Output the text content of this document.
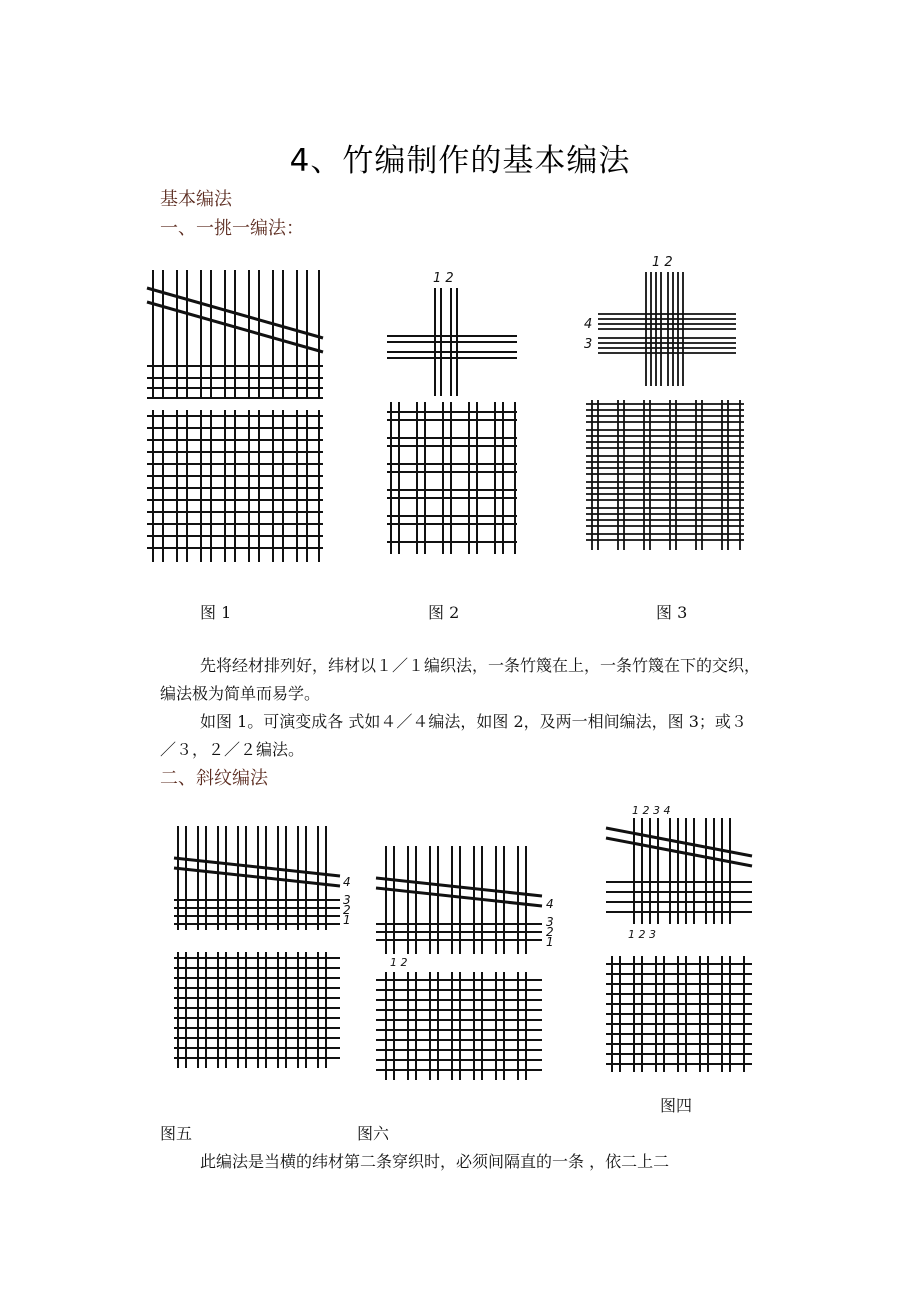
4、竹编制作的基本编法
基本编法
一、一挑一编法：
1 2
1 2
4
3
图 1	图 2	图 3

先将经材排列好，纬材以１／１编织法，一条竹篾在上，一条竹篾在下的交织，编法极为简单而易学。

如图 1。可演变成各 式如４／４编法，如图 2，及两一相间编法，图 3；或３／３，２／２编法。

二、斜纹编法
4
3
2
1
4
3
2
1
1 2
1 2 3 4
1 2 3
图四
图五	图六

此编法是当横的纬材第二条穿织时，必须间隔直的一条 ，依二上二
